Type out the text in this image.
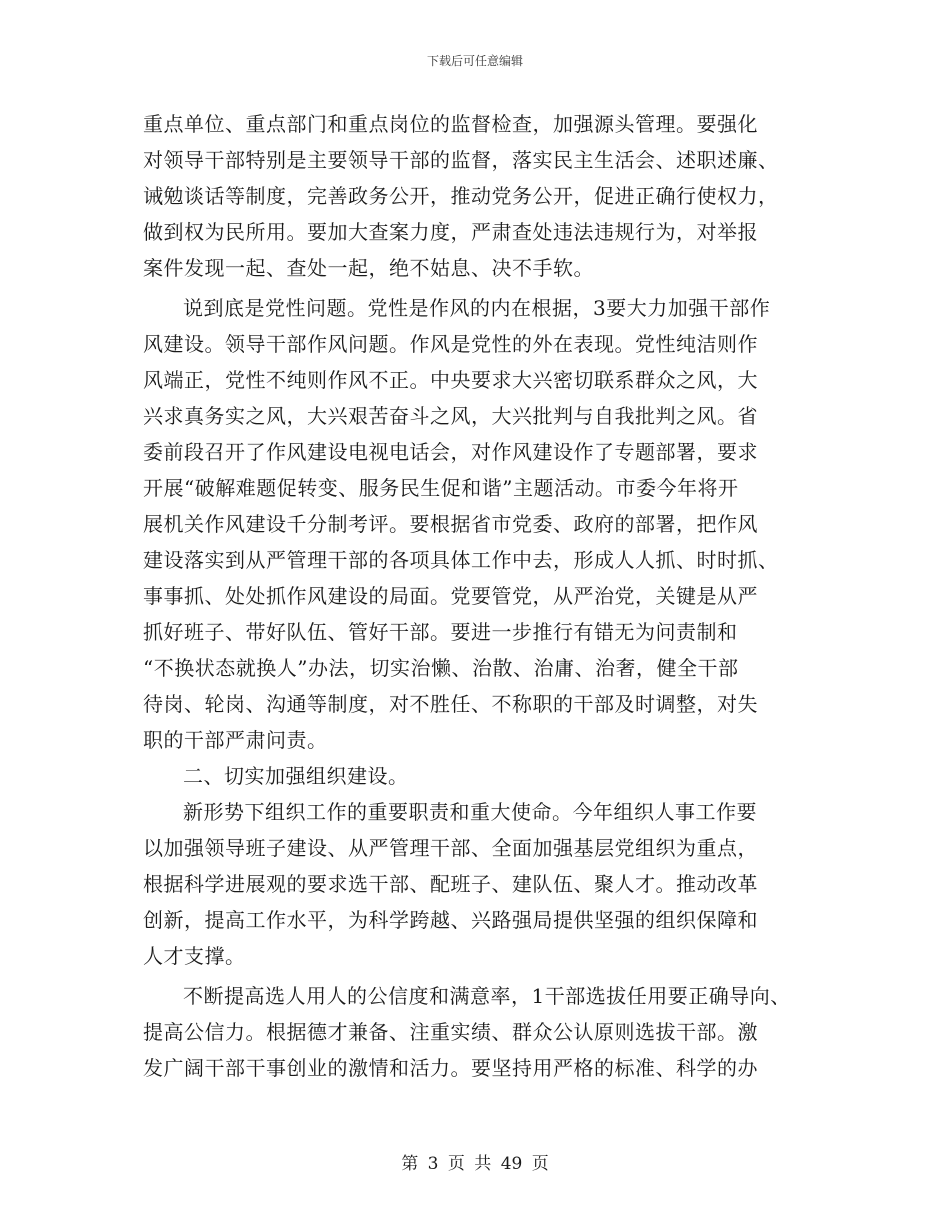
下载后可任意编辑
重点单位、重点部门和重点岗位的监督检查，加强源头管理。要强化
对领导干部特别是主要领导干部的监督，落实民主生活会、述职述廉、
诫勉谈话等制度，完善政务公开，推动党务公开，促进正确行使权力，
做到权为民所用。要加大查案力度，严肃查处违法违规行为，对举报
案件发现一起、查处一起，绝不姑息、决不手软。
说到底是党性问题。党性是作风的内在根据，3要大力加强干部作
风建设。领导干部作风问题。作风是党性的外在表现。党性纯洁则作
风端正，党性不纯则作风不正。中央要求大兴密切联系群众之风，大
兴求真务实之风，大兴艰苦奋斗之风，大兴批判与自我批判之风。省
委前段召开了作风建设电视电话会，对作风建设作了专题部署，要求
开展“破解难题促转变、服务民生促和谐”主题活动。市委今年将开
展机关作风建设千分制考评。要根据省市党委、政府的部署，把作风
建设落实到从严管理干部的各项具体工作中去，形成人人抓、时时抓、
事事抓、处处抓作风建设的局面。党要管党，从严治党，关键是从严
抓好班子、带好队伍、管好干部。要进一步推行有错无为问责制和
“不换状态就换人”办法，切实治懒、治散、治庸、治奢，健全干部
待岗、轮岗、沟通等制度，对不胜任、不称职的干部及时调整，对失
职的干部严肃问责。
二、切实加强组织建设。
新形势下组织工作的重要职责和重大使命。今年组织人事工作要
以加强领导班子建设、从严管理干部、全面加强基层党组织为重点，
根据科学进展观的要求选干部、配班子、建队伍、聚人才。推动改革
创新，提高工作水平，为科学跨越、兴路强局提供坚强的组织保障和
人才支撑。
不断提高选人用人的公信度和满意率，1干部选拔任用要正确导向、
提高公信力。根据德才兼备、注重实绩、群众公认原则选拔干部。激
发广阔干部干事创业的激情和活力。要坚持用严格的标准、科学的办
第 3 页 共 49 页
